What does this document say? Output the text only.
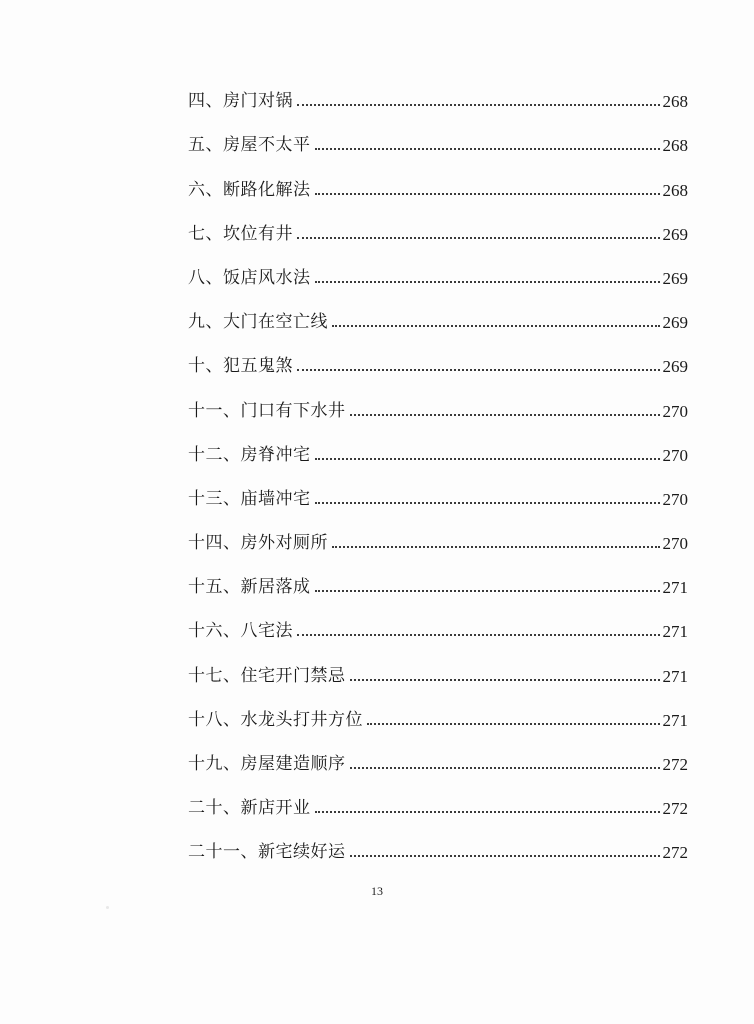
四、房门对锅	268
五、房屋不太平	268
六、断路化解法	268
七、坎位有井	269
八、饭店风水法	269
九、大门在空亡线	269
十、犯五鬼煞	269
十一、门口有下水井	270
十二、房脊冲宅	270
十三、庙墙冲宅	270
十四、房外对厕所	270
十五、新居落成	271
十六、八宅法	271
十七、住宅开门禁忌	271
十八、水龙头打井方位	271
十九、房屋建造顺序	272
二十、新店开业	272
二十一、新宅续好运	272
13
